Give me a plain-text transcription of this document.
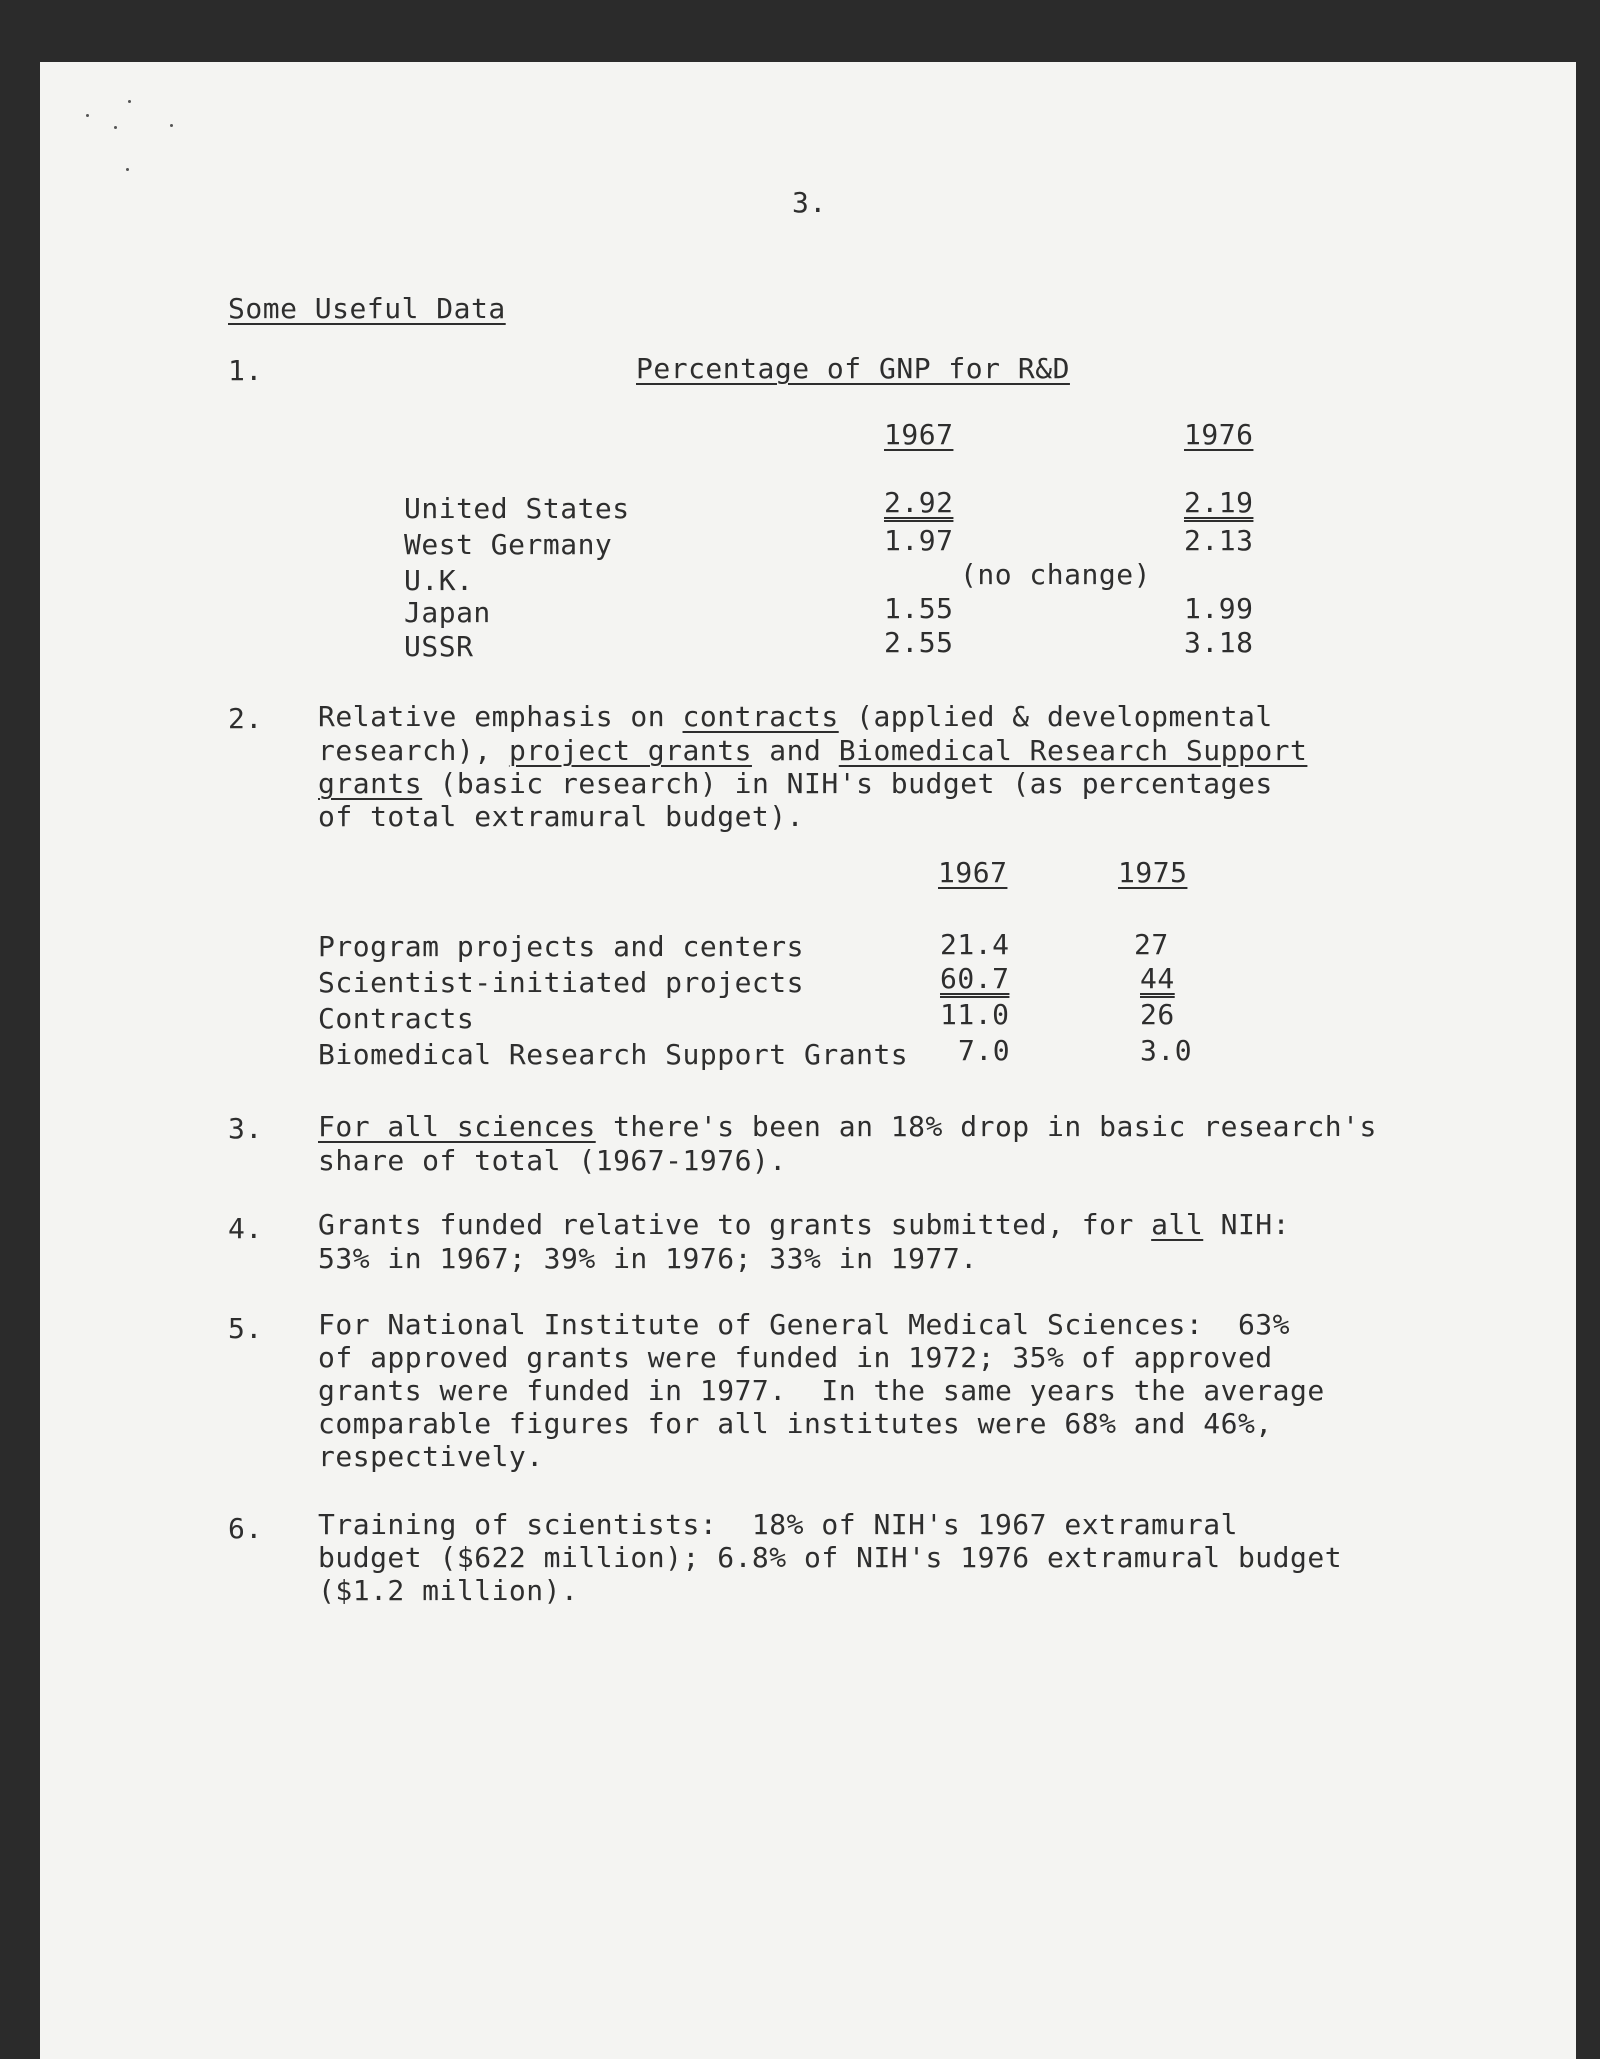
3.
Some Useful Data
1.	Percentage of GNP for R&D
1967	1976
United States	2.92	2.19
West Germany	1.97	2.13
U.K.	(no change)
Japan	1.55	1.99
USSR	2.55	3.18
2. Relative emphasis on contracts (applied & developmental
research), project grants and Biomedical Research Support
grants (basic research) in NIH's budget (as percentages
of total extramural budget).
1967	1975
Program projects and centers	21.4	27
Scientist-initiated projects	60.7	44
Contracts	11.0	26
Biomedical Research Support Grants 7.0	3.0
3. For all sciences there's been an 18% drop in basic research's
share of total (1967-1976).
4. Grants funded relative to grants submitted, for all NIH:
53% in 1967; 39% in 1976; 33% in 1977.
5. For National Institute of General Medical Sciences:  63%
of approved grants were funded in 1972; 35% of approved
grants were funded in 1977.  In the same years the average
comparable figures for all institutes were 68% and 46%,
respectively.
6. Training of scientists:  18% of NIH's 1967 extramural
budget ($622 million); 6.8% of NIH's 1976 extramural budget
($1.2 million).
